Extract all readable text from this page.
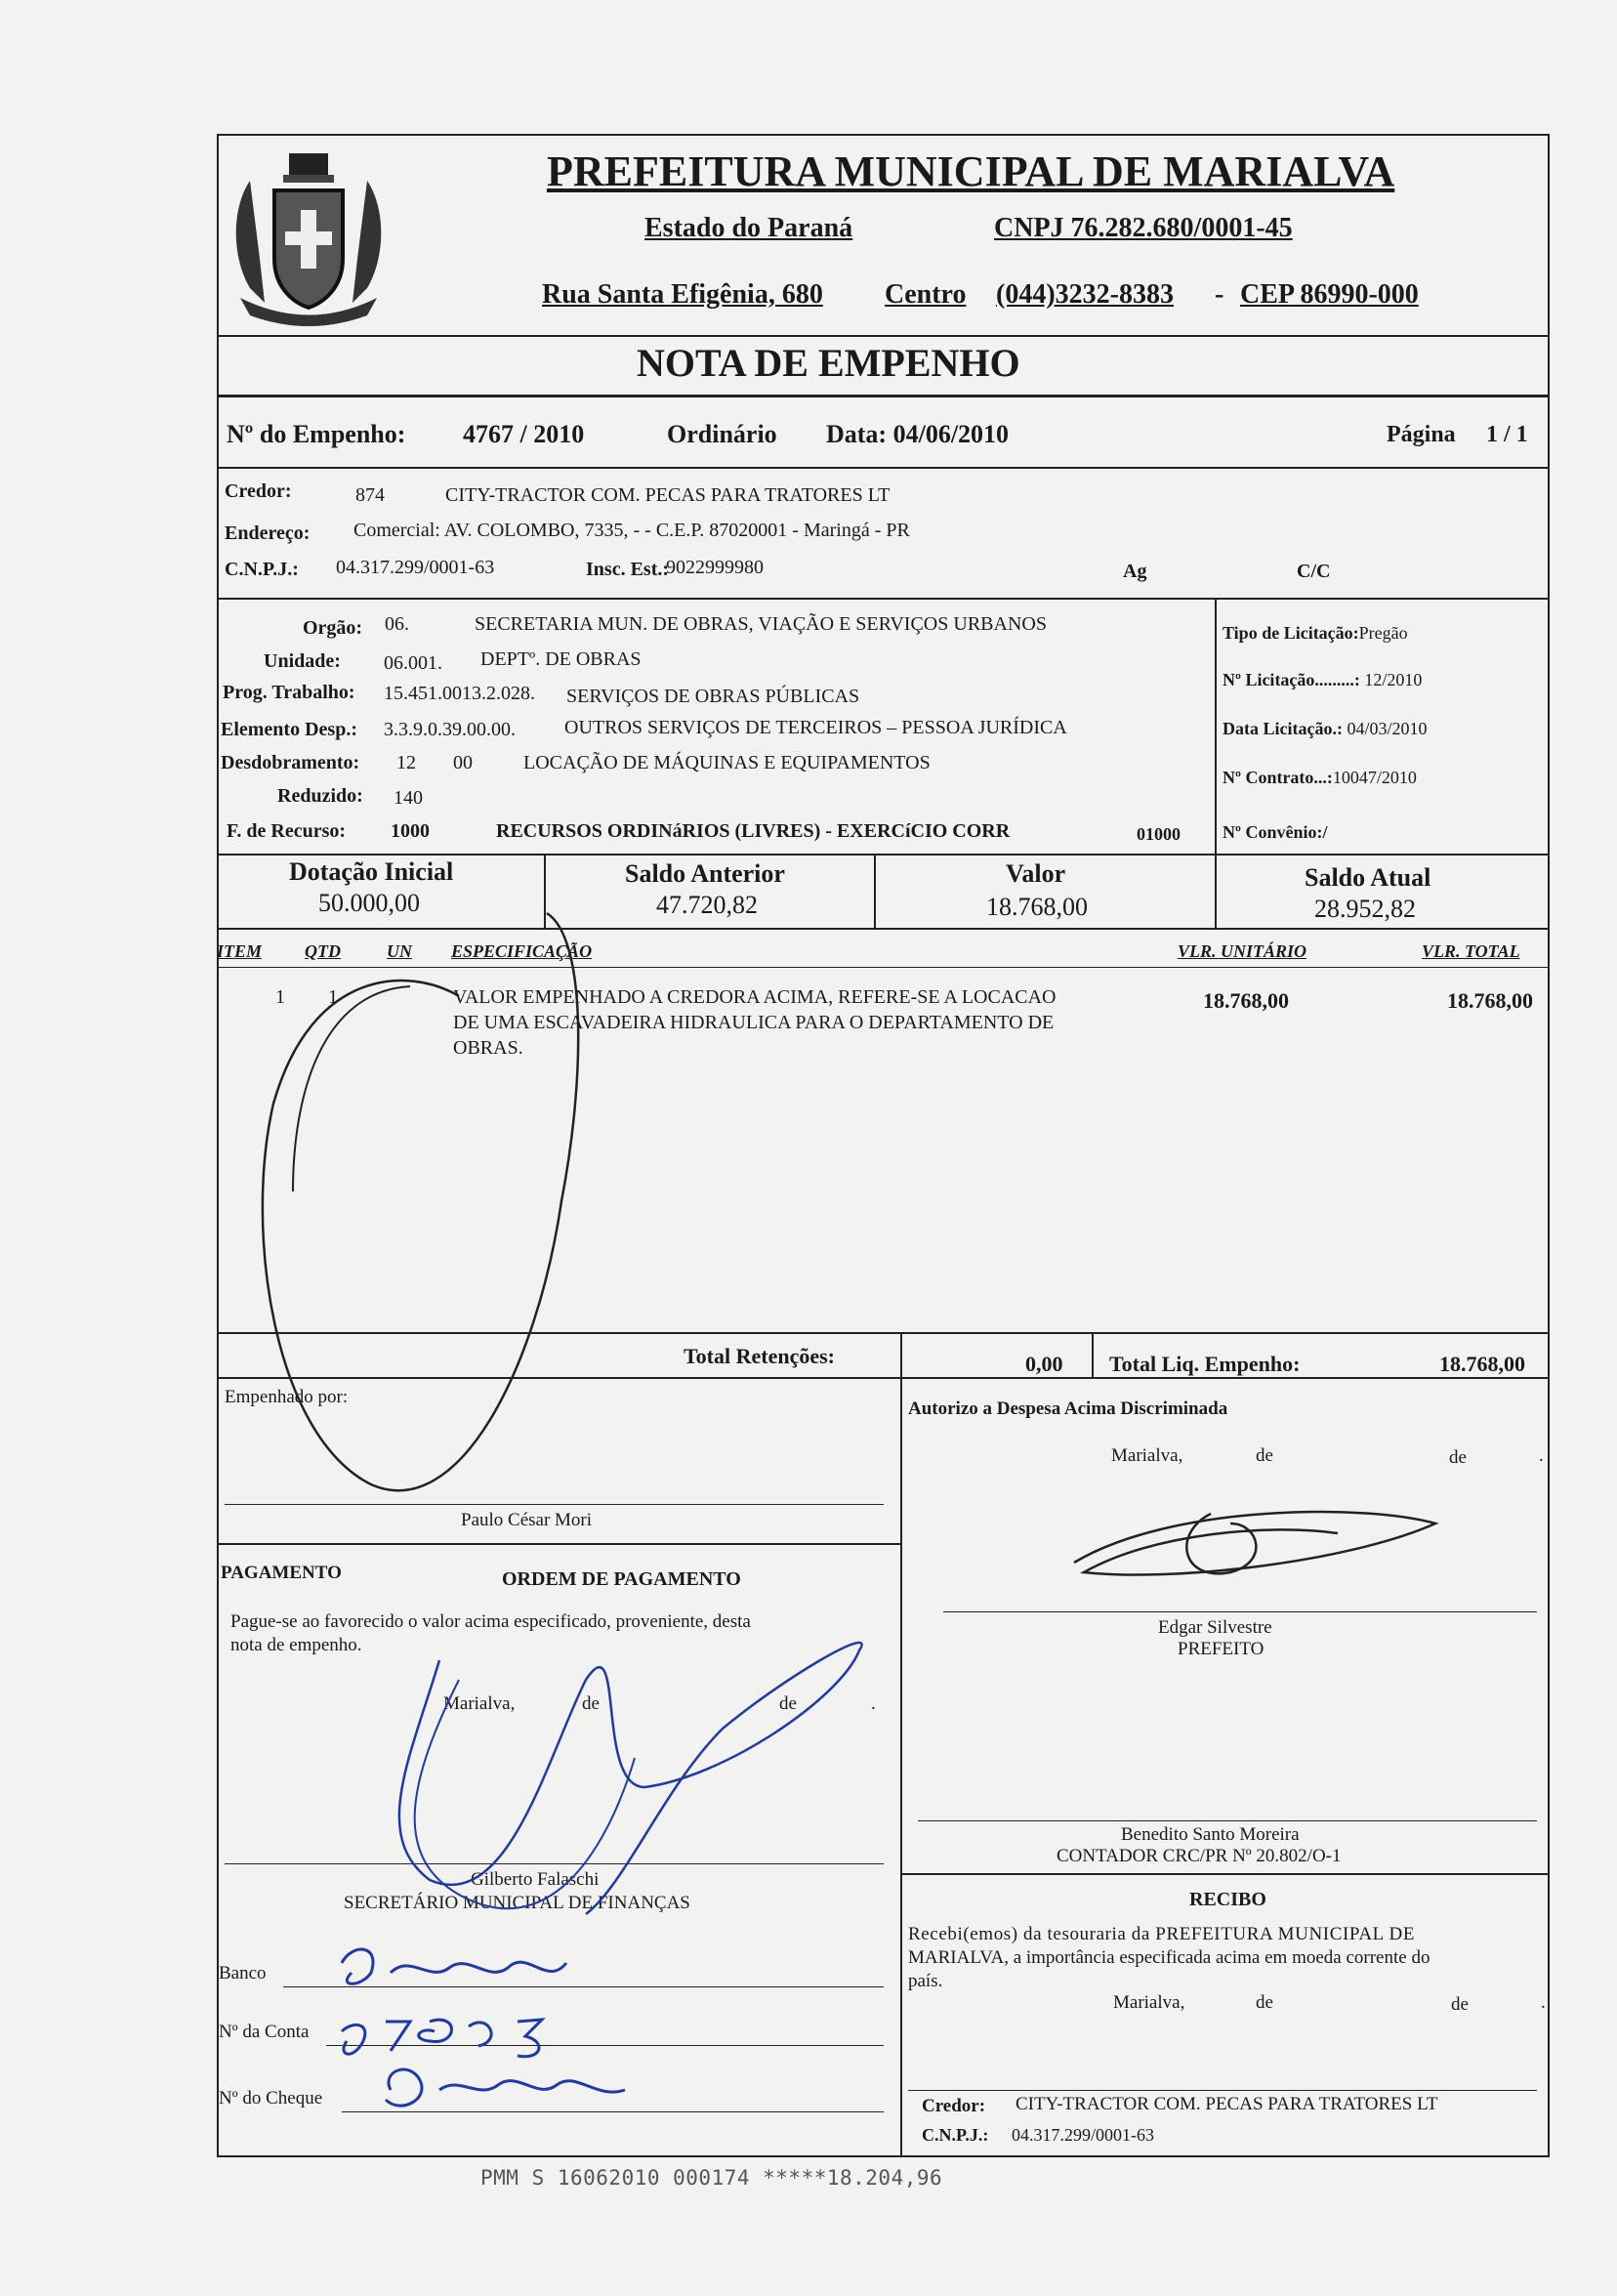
PREFEITURA MUNICIPAL DE MARIALVA
Estado do Paraná	CNPJ 76.282.680/0001-45
Rua Santa Efigênia, 680 Centro (044)3232-8383 - CEP 86990-000
NOTA DE EMPENHO
Nº do Empenho: 4767 / 2010	Ordinário Data: 04/06/2010	Página 1 / 1
Credor:	874	CITY-TRACTOR COM. PECAS PARA TRATORES LT
Endereço: Comercial: AV. COLOMBO, 7335, - - C.E.P. 87020001 - Maringá - PR
C.N.P.J.: 04.317.299/0001-63	Insc. Est.:
9022999980	Ag	C/C
Orgão: 06.	SECRETARIA MUN. DE OBRAS, VIAÇÃO E SERVIÇOS URBANOS
Unidade: 06.001. DEPTº. DE OBRAS
Prog. Trabalho: 15.451.0013.2.028. SERVIÇOS DE OBRAS PÚBLICAS
Elemento Desp.: 3.3.9.0.39.00.00.	OUTROS SERVIÇOS DE TERCEIROS – PESSOA JURÍDICA
Desdobramento: 12 00	LOCAÇÃO DE MÁQUINAS E EQUIPAMENTOS
Reduzido: 140
F. de Recurso: 1000	RECURSOS ORDINáRIOS (LIVRES) - EXERCíCIO CORR	01000
Tipo de Licitação:Pregão
Nº Licitação.........: 12/2010
Data Licitação.: 04/03/2010
Nº Contrato...:10047/2010
Nº Convênio:/
Dotação Inicial
50.000,00
Saldo Anterior
47.720,82
Valor
18.768,00
Saldo Atual
28.952,82
ITEM QTD	UN ESPECIFICAÇÃO	VLR. UNITÁRIO	VLR. TOTAL
1 1	VALOR EMPENHADO A CREDORA ACIMA, REFERE-SE A LOCACAO
DE UMA ESCAVADEIRA HIDRAULICA PARA O DEPARTAMENTO DE
OBRAS.
18.768,00	18.768,00
Total Retenções:	0,00 Total Liq. Empenho:	18.768,00
Empenhado por:
Paulo César Mori
Autorizo a Despesa Acima Discriminada
Marialva,	de	de	.
Edgar Silvestre
PREFEITO
Benedito Santo Moreira
CONTADOR CRC/PR Nº 20.802/O-1
PAGAMENTO	ORDEM DE PAGAMENTO
Pague-se ao favorecido o valor acima especificado, proveniente, desta
nota de empenho.
Marialva,	de	de	.
Gilberto Falaschi
SECRETÁRIO MUNICIPAL DE FINANÇAS
Banco
Nº da Conta
Nº do Cheque
RECIBO
Recebi(emos) da tesouraria da PREFEITURA MUNICIPAL DE
MARIALVA, a importância especificada acima em moeda corrente do
país.
Marialva,	de	de	.
Credor: CITY-TRACTOR COM. PECAS PARA TRATORES LT
C.N.P.J.: 04.317.299/0001-63
PMM S 16062010 000174 *****18.204,96
